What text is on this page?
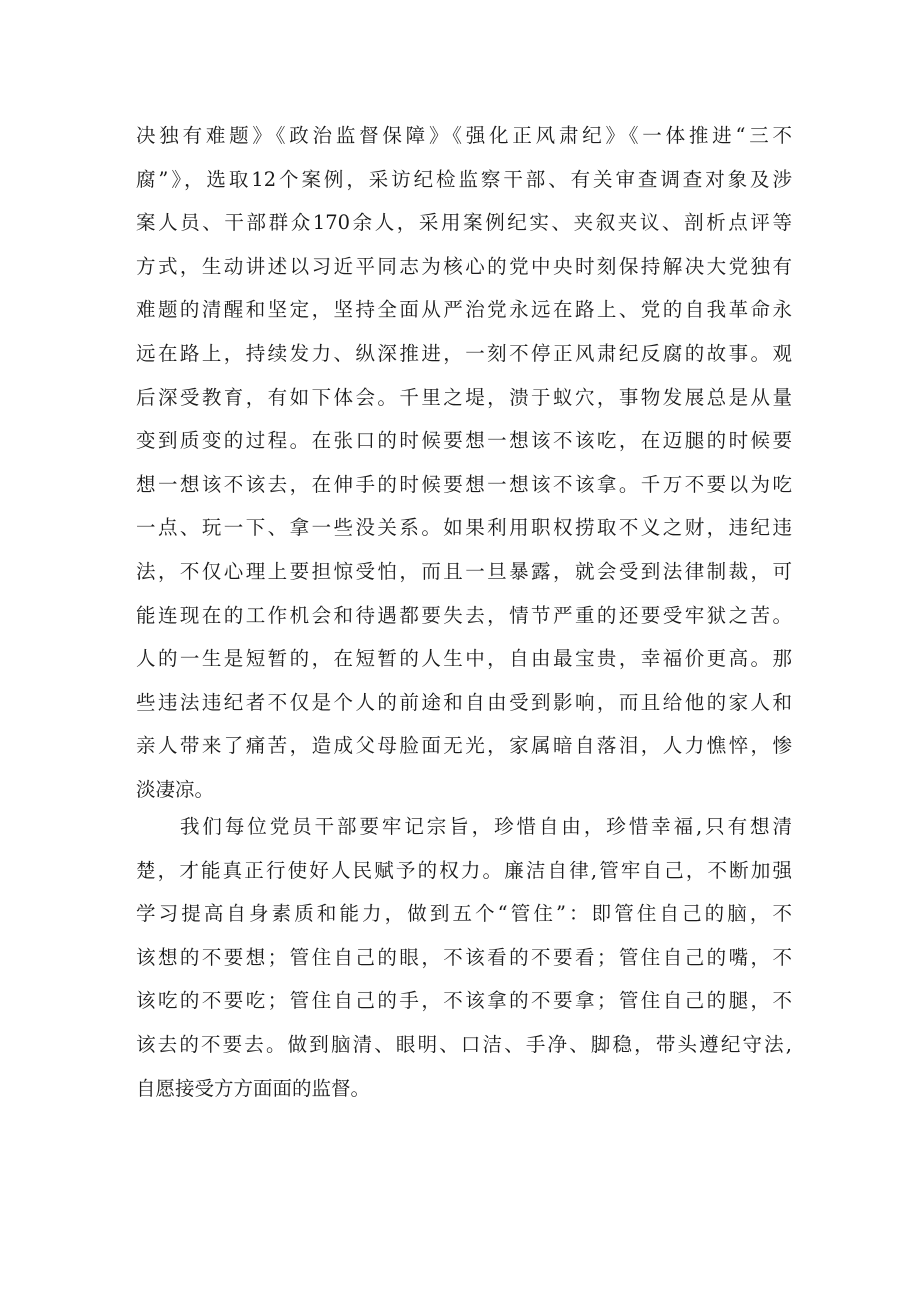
决独有难题》《政治监督保障》《强化正风肃纪》《一体推进“三不
腐”》，选取12个案例，采访纪检监察干部、有关审查调查对象及涉
案人员、干部群众170余人，采用案例纪实、夹叙夹议、剖析点评等
方式，生动讲述以习近平同志为核心的党中央时刻保持解决大党独有
难题的清醒和坚定，坚持全面从严治党永远在路上、党的自我革命永
远在路上，持续发力、纵深推进，一刻不停正风肃纪反腐的故事。观
后深受教育，有如下体会。千里之堤，溃于蚁穴，事物发展总是从量
变到质变的过程。在张口的时候要想一想该不该吃，在迈腿的时候要
想一想该不该去，在伸手的时候要想一想该不该拿。千万不要以为吃
一点、玩一下、拿一些没关系。如果利用职权捞取不义之财，违纪违
法，不仅心理上要担惊受怕，而且一旦暴露，就会受到法律制裁，可
能连现在的工作机会和待遇都要失去，情节严重的还要受牢狱之苦。
人的一生是短暂的，在短暂的人生中，自由最宝贵，幸福价更高。那
些违法违纪者不仅是个人的前途和自由受到影响，而且给他的家人和
亲人带来了痛苦，造成父母脸面无光，家属暗自落泪，人力憔悴，惨
淡凄凉。
我们每位党员干部要牢记宗旨，珍惜自由，珍惜幸福,只有想清
楚，才能真正行使好人民赋予的权力。廉洁自律,管牢自己，不断加强
学习提高自身素质和能力，做到五个“管住”：即管住自己的脑，不
该想的不要想；管住自己的眼，不该看的不要看；管住自己的嘴，不
该吃的不要吃；管住自己的手，不该拿的不要拿；管住自己的腿，不
该去的不要去。做到脑清、眼明、口洁、手净、脚稳，带头遵纪守法,
自愿接受方方面面的监督。
